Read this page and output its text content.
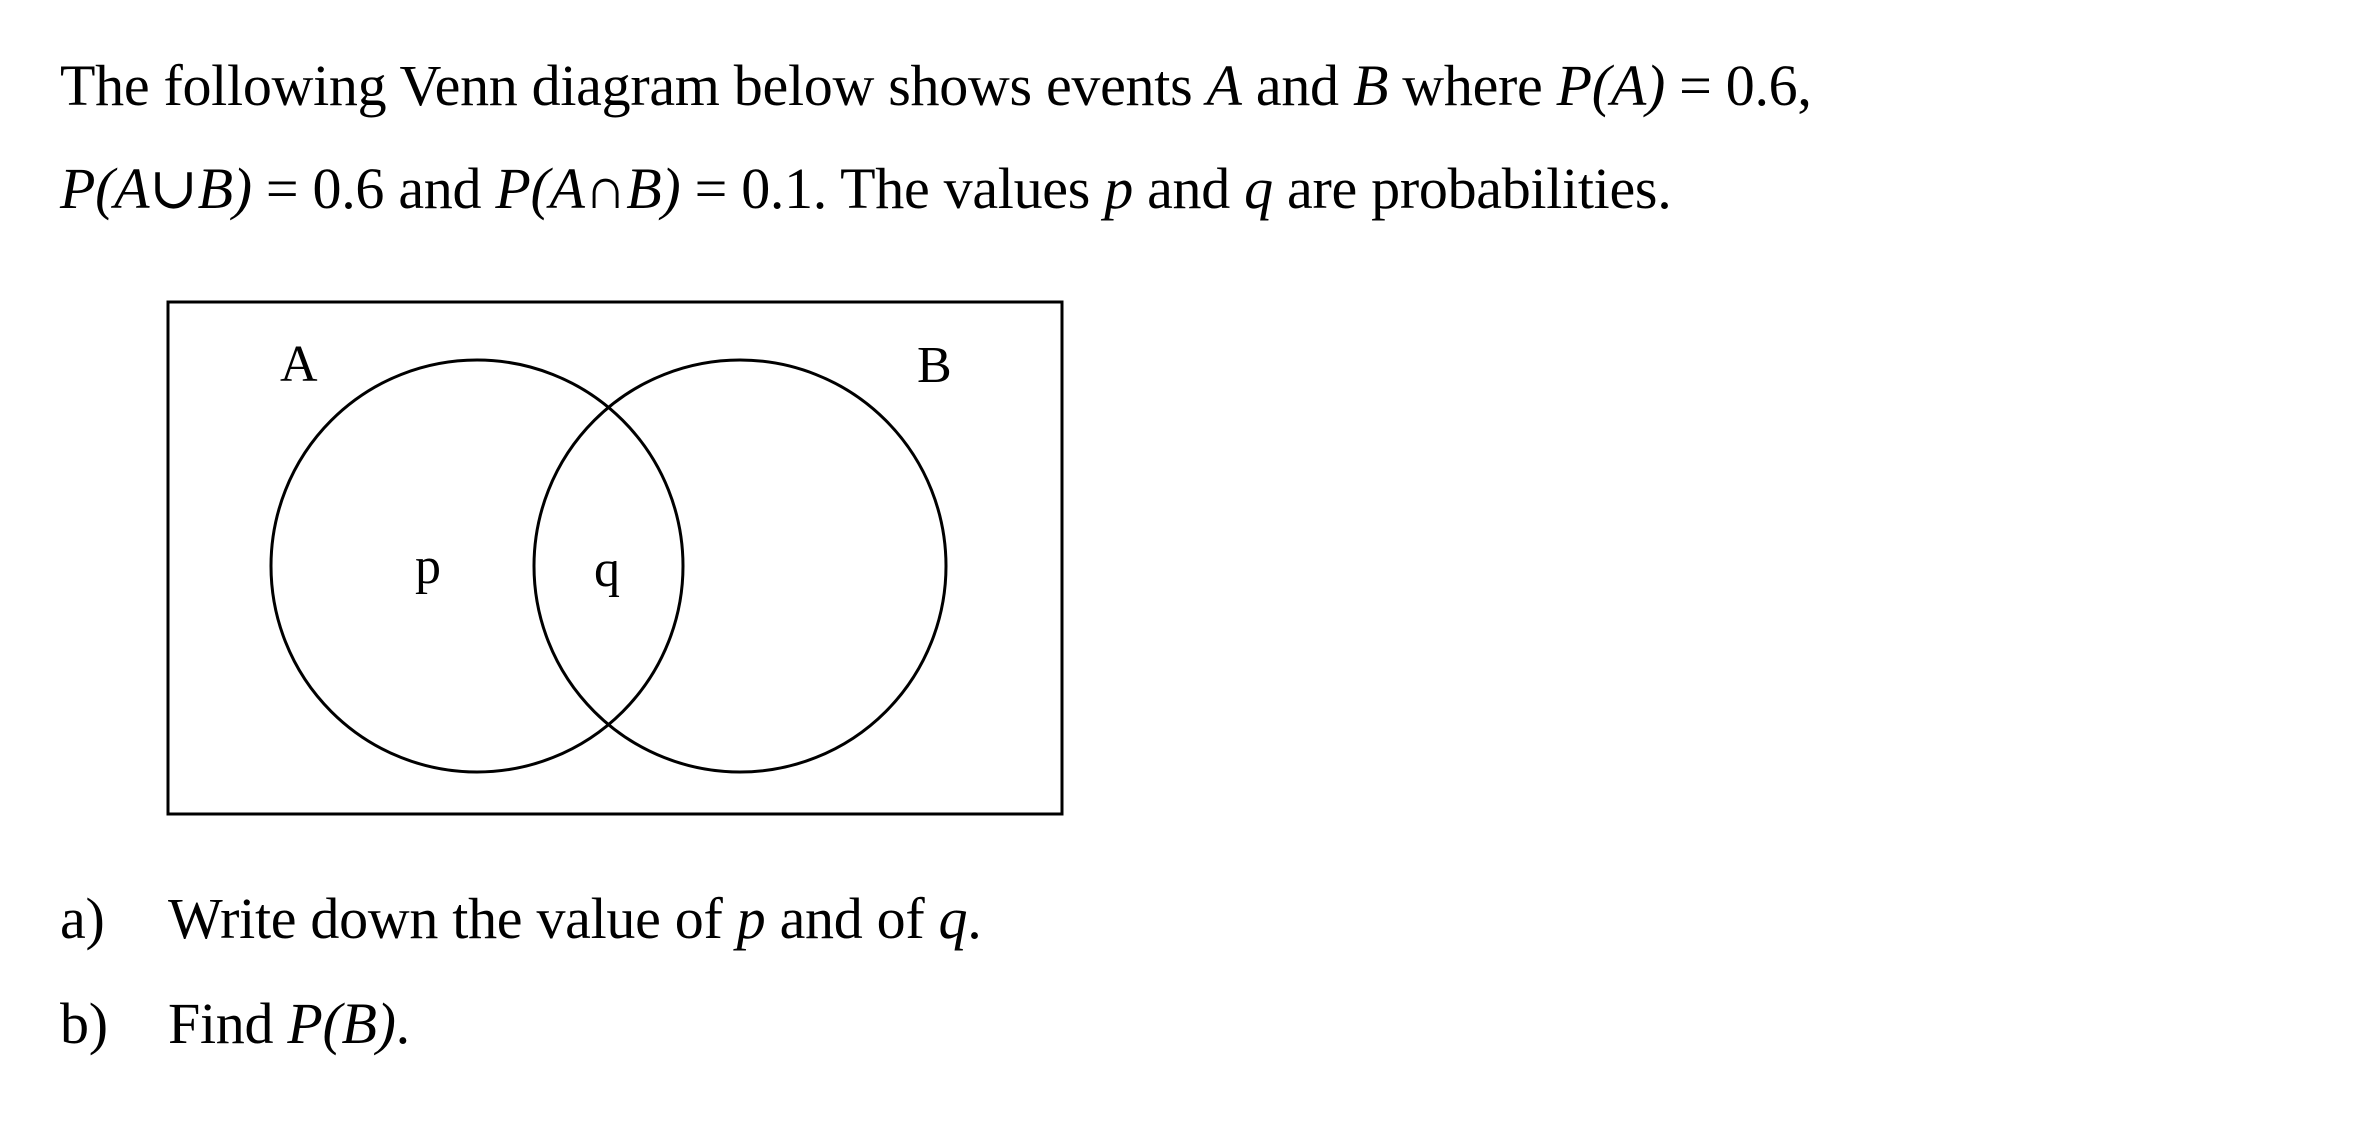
The following Venn diagram below shows events A and B where P(A) = 0.6,
P(A∪B) = 0.6 and P(A∩B) = 0.1. The values p and q are probabilities.
A	B
p	q
a) Write down the value of p and of q.
b) Find P(B).
